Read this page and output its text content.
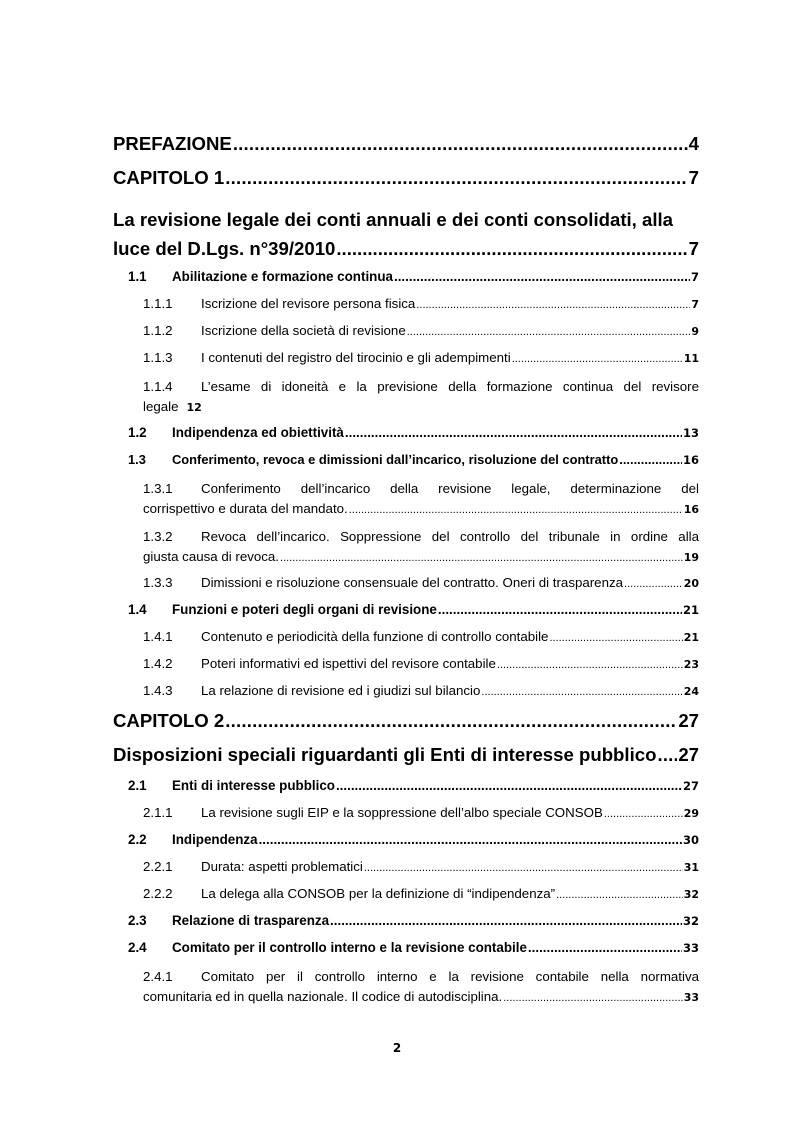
PREFAZIONE .....	4
CAPITOLO 1 .....	7
La revisione legale dei conti annuali e dei conti consolidati, alla
luce del D.Lgs. n°39/2010 .....	7
1.1	Abilitazione e formazione continua .....	7
1.1.1	Iscrizione del revisore persona fisica .....	7
1.1.2	Iscrizione della società di revisione .....	9
1.1.3	I contenuti del registro del tirocinio e gli adempimenti .....	11
1.1.4	L’esame di idoneità e la previsione della formazione continua del revisore
legale 12
1.2	Indipendenza ed obiettività .....	13
1.3	Conferimento, revoca e dimissioni dall’incarico, risoluzione del contratto .....	16
1.3.1	Conferimento dell’incarico della revisione legale, determinazione del
corrispettivo e durata del mandato. .....	16
1.3.2	Revoca dell’incarico. Soppressione del controllo del tribunale in ordine alla
giusta causa di revoca. .....	19
1.3.3	Dimissioni e risoluzione consensuale del contratto. Oneri di trasparenza .....	20
1.4	Funzioni e poteri degli organi di revisione .....	21
1.4.1	Contenuto e periodicità della funzione di controllo contabile .....	21
1.4.2	Poteri informativi ed ispettivi del revisore contabile .....	23
1.4.3	La relazione di revisione ed i giudizi sul bilancio .....	24
CAPITOLO 2 .....	27
Disposizioni speciali riguardanti gli Enti di interesse pubblico ..... 27
2.1	Enti di interesse pubblico .....	27
2.1.1	La revisione sugli EIP e la soppressione dell’albo speciale CONSOB .....	29
2.2	Indipendenza .....	30
2.2.1	Durata: aspetti problematici .....	31
2.2.2	La delega alla CONSOB per la definizione di “indipendenza” .....	32
2.3	Relazione di trasparenza .....	32
2.4	Comitato per il controllo interno e la revisione contabile .....	33
2.4.1	Comitato per il controllo interno e la revisione contabile nella normativa
comunitaria ed in quella nazionale. Il codice di autodisciplina. .....	33
2
